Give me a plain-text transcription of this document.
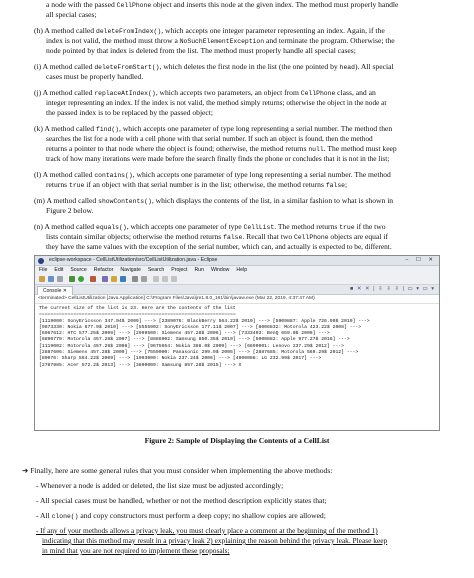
a node with the passed CellPhone object and inserts this node at the given index. The method must properly handle
all special cases;
(h) A method called deleteFromIndex(), which accepts one integer parameter representing an index. Again, if the
index is not valid, the method must throw a NoSuchElementException and terminate the program. Otherwise; the
node pointed by that index is deleted from the list. The method must properly handle all special cases;
(i) A method called deleteFromStart(), which deletes the first node in the list (the one pointed by head). All special
cases must be properly handled.
(j) A method called replaceAtIndex(), which accepts two parameters, an object from CellPhone class, and an
integer representing an index. If the index is not valid, the method simply returns; otherwise the object in the node at
the passed index is to be replaced by the passed object;
(k) A method called find(), which accepts one parameter of type long representing a serial number. The method then
searches the list for a node with a cell phone with that serial number. If such an object is found, then the method
returns a pointer to that node where the object is found; otherwise, the method returns null. The method must keep
track of how many iterations were made before the search finally finds the phone or concludes that it is not in the list;
(l) A method called contains(), which accepts one parameter of type long representing a serial number. The method
returns true if an object with that serial number is in the list; otherwise, the method returns false;
eclipse-workspace - CellListUtilization/src/CellListUtilization.java - Eclipse	− ☐ ✕
File Edit Source Refactor Navigate Search Project Run Window Help
Console ✕	■ ✕ ✕ | ⇩ ⇩ ⇩ | ▭ ▾ ▭ ▾
<terminated> CellListUtilization [Java Application] C:\Program Files\Java\jre1.8.0_161\bin\javaw.exe (Mar 22, 2019, 4:37:47 AM)
The current size of the list is 23. Here are the contents of the list
=====================================================================
[1119000: SonyEricsson 347.94$ 2009] ---> [2389076: BlackBerry 564.22$ 2010] ---> [5909887: Apple 726.99$ 2019] --->
[9873330: Nokia 677.9$ 2010] ---> [5555902: SonyEricsson 177.11$ 2007] ---> [8006832: Motorola 423.22$ 2008] --->
[6987612: HTC 577.25$ 2009] ---> [2999500: Siemens 457.28$ 2006] ---> [7333403: BenQ 659.0$ 2009] --->
[6890779: Motorola 457.28$ 2007] ---> [8888902: Samsung 850.35$ 2019] ---> [5000882: Apple 977.27$ 2016] --->
[1119002: Motorola 457.28$ 2008] ---> [9675654: Nokia 388.0$ 2009] ---> [6699001: Lenovo 237.29$ 2012] --->
[2887606: Siemens 457.28$ 2009] ---> [7559000: Panasonic 299.9$ 2005] ---> [2887685: Motorola 569.29$ 2012] --->
[89076: Sharp 564.22$ 2009] ---> [1903000: Nokia 237.24$ 2006] ---> [4900088: LG 232.99$ 2017] --->
[2787985: Acer 572.2$ 2013] ---> [3890009: Samsung 857.28$ 2015] ---> X
(m) A method called showContents(), which displays the contents of the list, in a similar fashion to what is shown in
Figure 2 below.
(n) A method called equals(), which accepts one parameter of type CellList. The method returns true if the two
lists contain similar objects; otherwise the method returns false. Recall that two CellPhone objects are equal if
they have the same values with the exception of the serial number, which can, and actually is expected to be, different.
Figure 2: Sample of Displaying the Contents of a CellList
➔ Finally, here are some general rules that you must consider when implementing the above methods:
- Whenever a node is added or deleted, the list size must be adjusted accordingly;
- All special cases must be handled, whether or not the method description explicitly states that;
- All clone() and copy constructors must perform a deep copy; no shallow copies are allowed;
- If any of your methods allows a privacy leak, you must clearly place a comment at the beginning of the method 1)
indicating that this method may result in a privacy leak 2) explaining the reason behind the privacy leak. Please keep
in mind that you are not required to implement these proposals;
